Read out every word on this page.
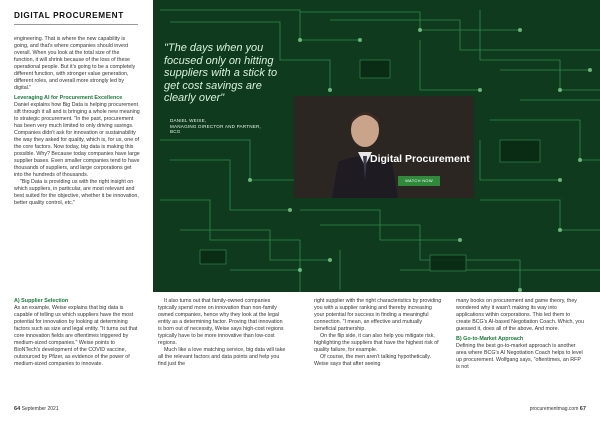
DIGITAL PROCUREMENT

engineering. That is where the new capability is going, and that's where companies should invest overall. When you look at the total size of the function, it will shrink because of the loss of these operational people. But it's going to be a completely different function, with stronger value generation, different roles, and overall more strongly led by digital."

Leveraging AI for Procurement Excellence

Daniel explains how Big Data is helping procurement sift through it all and is bringing a whole new meaning to strategic procurement. "In the past, procurement has been very much limited to only driving savings. Companies didn't ask for innovation or sustainability the way they asked for quality, which is, for us, one of the core factors. Now today, big data is making this possible. Why? Because today companies have large supplier bases. Even smaller companies tend to have thousands of suppliers, and large corporations get into the hundreds of thousands.

"Big Data is providing us with the right insight on which suppliers, in particular, are most relevant and best suited for the objective, whether it be innovation, better quality control, etc."

"The days when you focused only on hitting suppliers with a stick to get cost savings are clearly over"
DANIEL WEISE,
MANAGING DIRECTOR AND PARTNER,
BCG
Digital Procurement
WATCH NOW
A) Supplier Selection

As an example, Weise explains that big data is capable of telling us which suppliers have the most potential for innovation by looking at determining factors such as size and legal entity. "It turns out that core innovation fields are oftentimes triggered by medium-sized companies." Weise points to BioNTech's development of the COVID vaccine, outsourced by Pfizer, as evidence of the power of medium-sized companies to innovate.

It also turns out that family-owned companies typically spend more on innovation than non-family owned companies, hence why they look at the legal entity as a determining factor. Proving that innovation is born out of necessity, Weise says high-cost regions typically have to be more innovative than low-cost regions.

Much like a love matching service, big data will take all the relevant factors and data points and help you find just the

right supplier with the right characteristics by providing you with a supplier ranking and thereby increasing your potential for success in finding a meaningful connection. "I mean, an effective and mutually beneficial partnership.

On the flip side, it can also help you mitigate risk, highlighting the suppliers that have the highest risk of quality failure, for example.

Of course, the men aren't talking hypothetically. Weise says that after seeing

many books on procurement and game theory, they wondered why it wasn't making its way into applications within corporations. This led them to create BCG's AI-based Negotiation Coach. Which, you guessed it, does all of the above. And more.

B) Go-to-Market Approach

Defining the best go-to-market approach is another area where BCG's AI Negotiation Coach helps to level up procurement. Wolfgang says, "oftentimes, an RFP is not

64 September 2021	procurementmag.com 67
